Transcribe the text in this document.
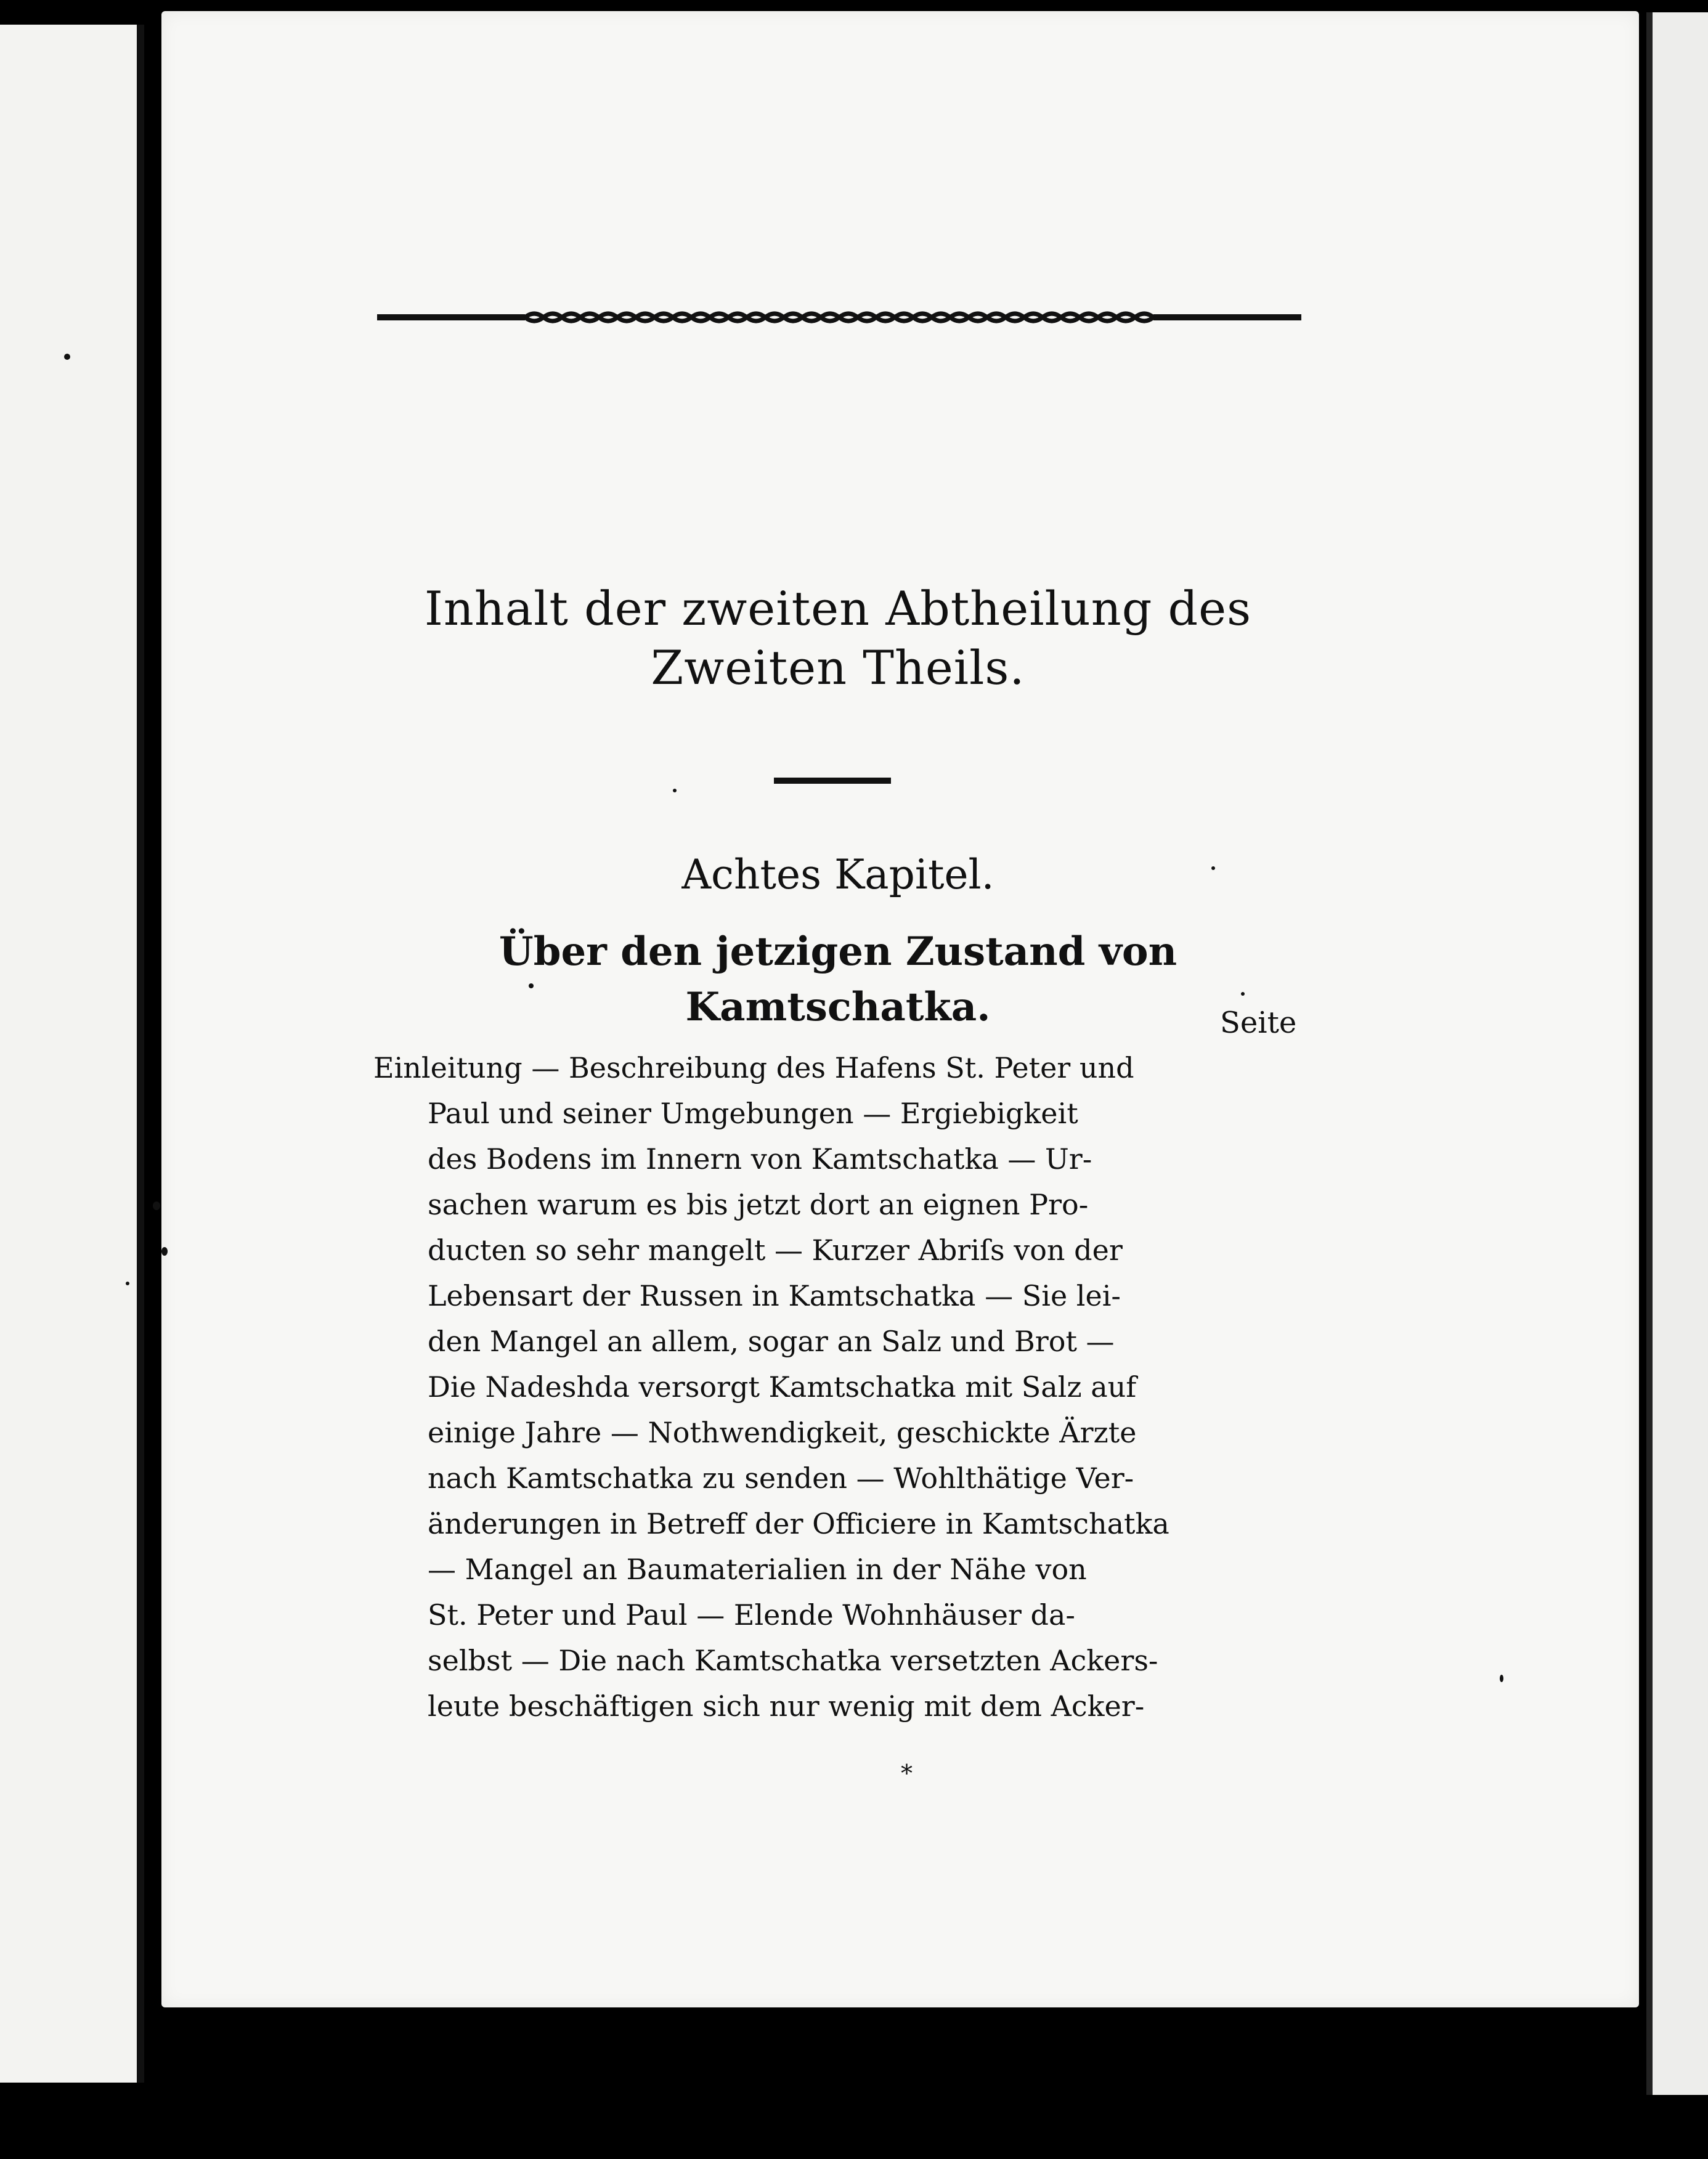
Inhalt der zweiten Abtheilung des
Zweiten Theils.
Achtes Kapitel.
Über den jetzigen Zustand von Kamtschatka.	Seite
Einleitung — Beschreibung des Hafens St. Peter und
Paul und seiner Umgebungen — Ergiebigkeit
des Bodens im Innern von Kamtschatka — Ur-
sachen warum es bis jetzt dort an eignen Pro-
ducten so sehr mangelt — Kurzer Abriſs von der
Lebensart der Russen in Kamtschatka — Sie lei-
den Mangel an allem, sogar an Salz und Brot —
Die Nadeshda versorgt Kamtschatka mit Salz auf
einige Jahre — Nothwendigkeit, geschickte Ärzte
nach Kamtschatka zu senden — Wohlthätige Ver-
änderungen in Betreff der Officiere in Kamtschatka
— Mangel an Baumaterialien in der Nähe von
St. Peter und Paul — Elende Wohnhäuser da-
selbst — Die nach Kamtschatka versetzten Ackers-
leute beschäftigen sich nur wenig mit dem Acker-
*
